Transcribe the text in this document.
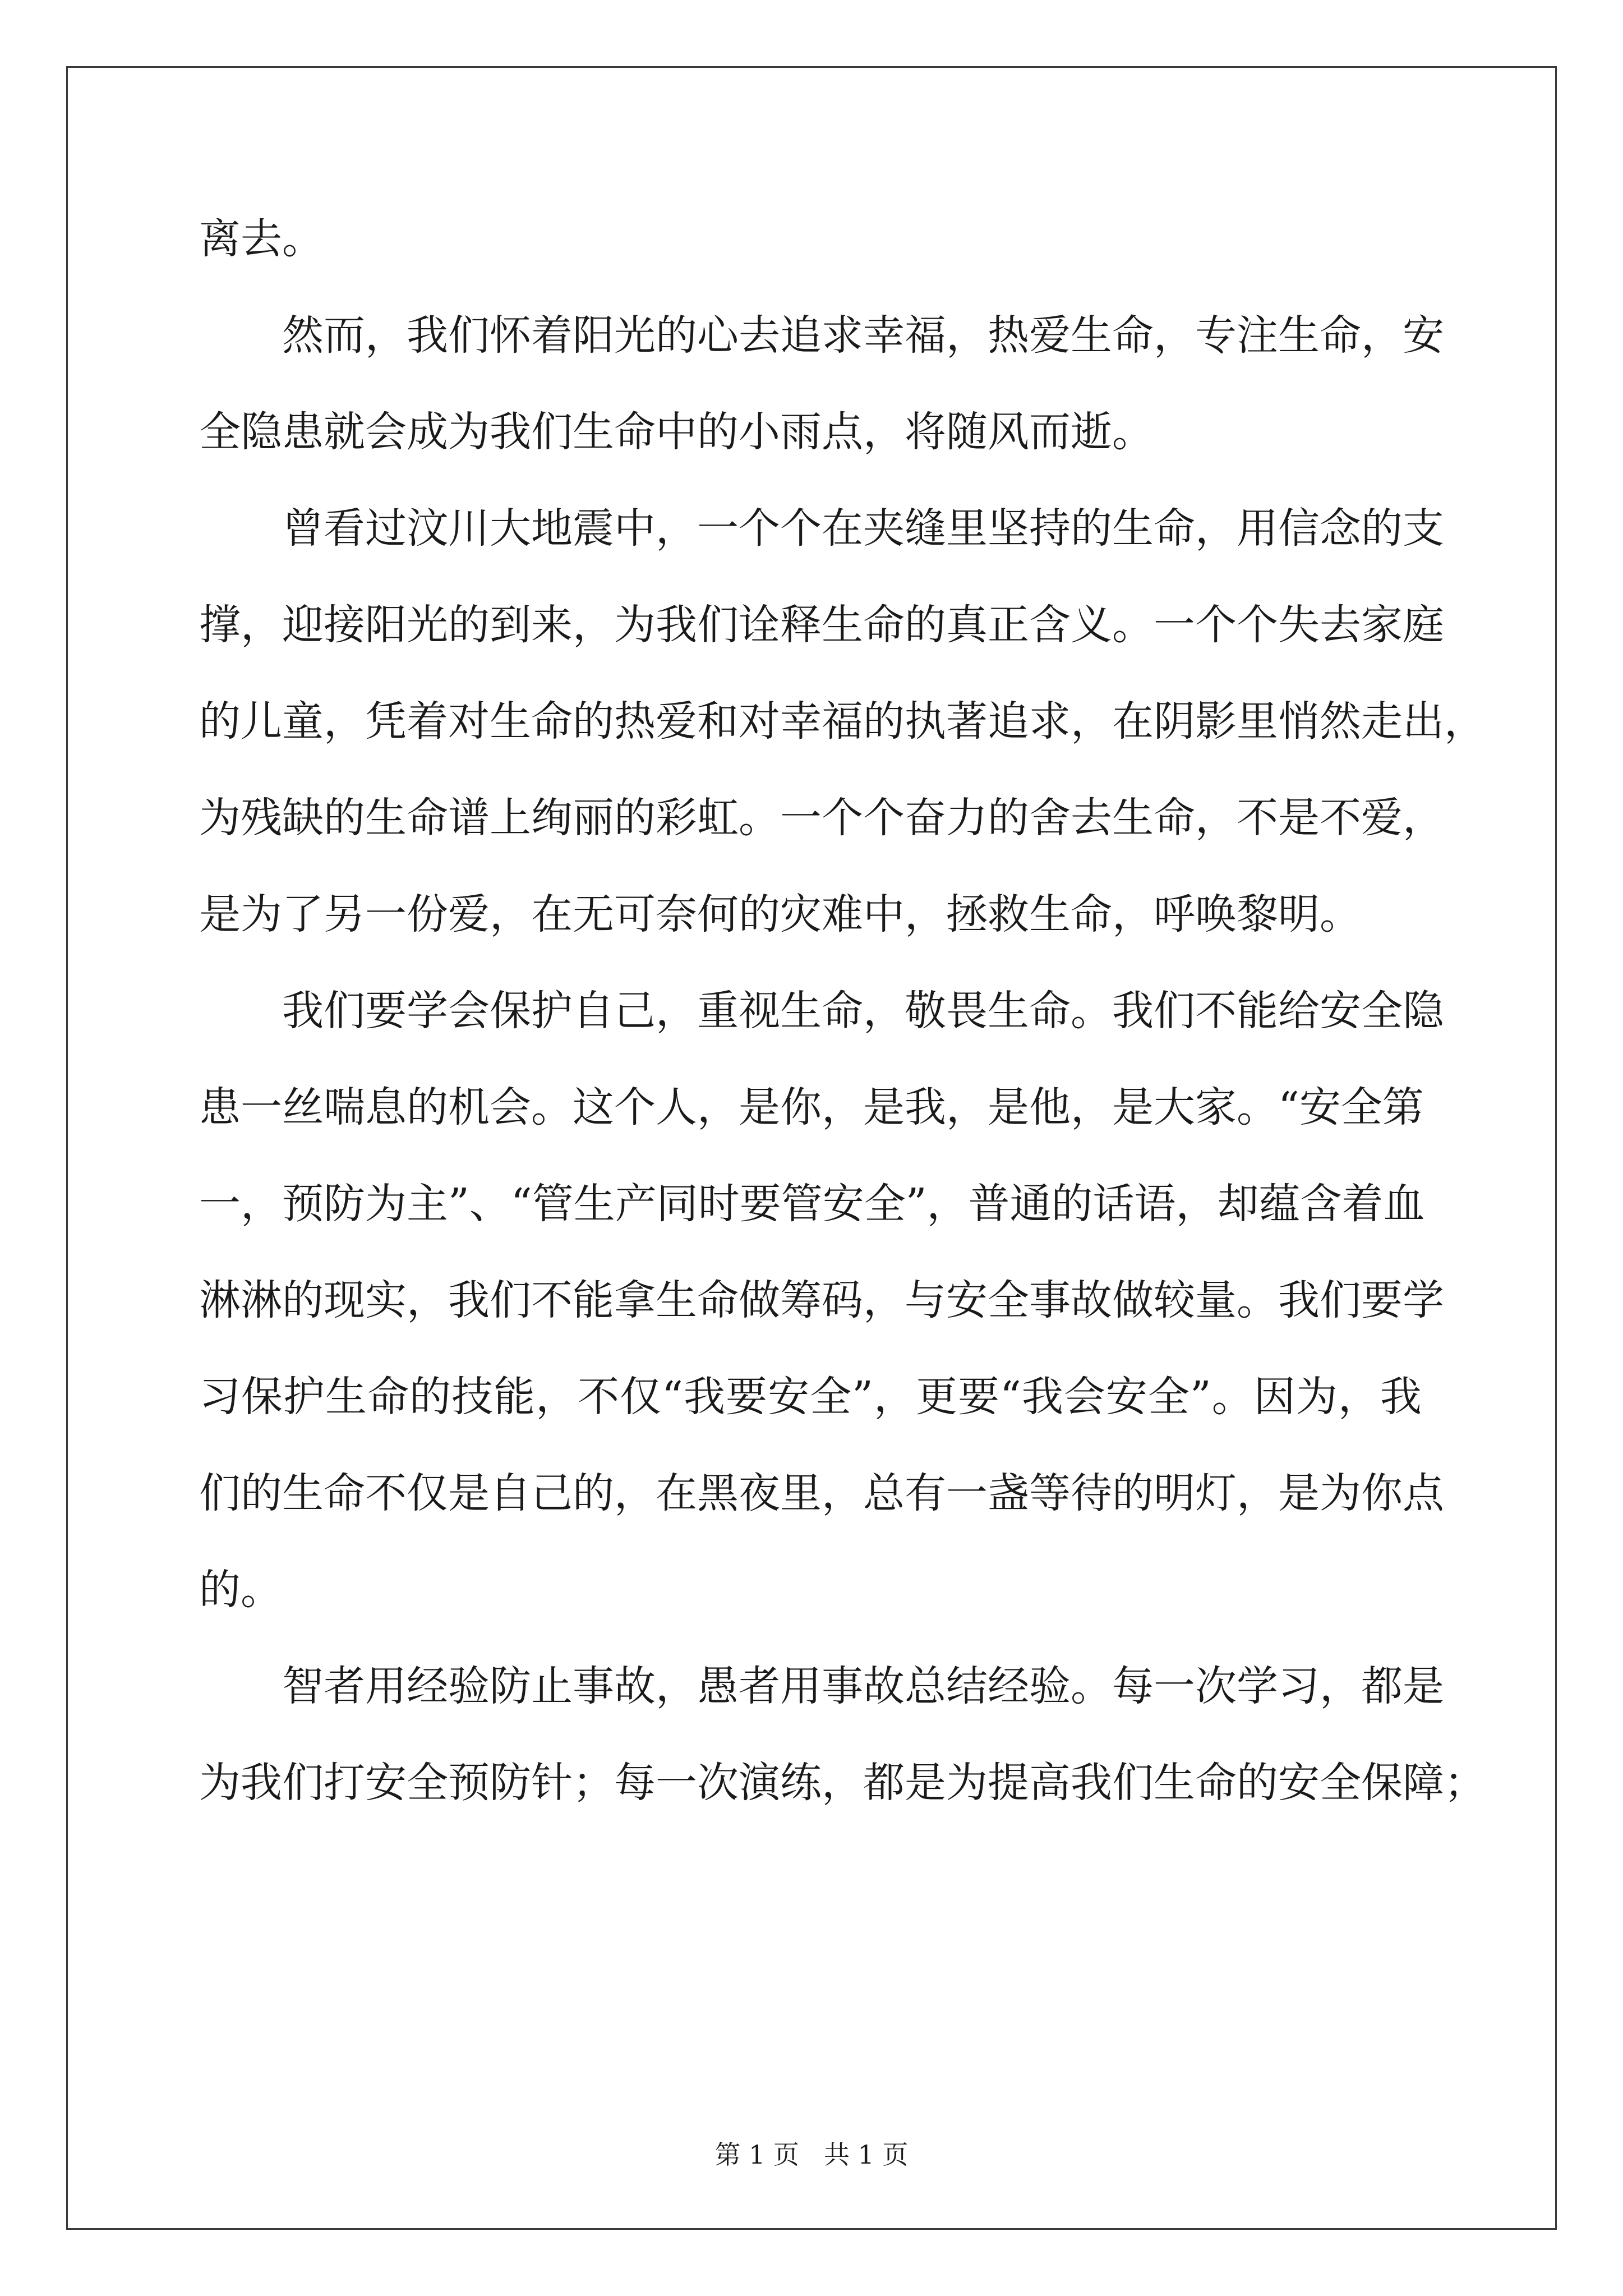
离去。
然 而 ， 我 们 怀 着 阳 光 的 心 去 追 求 幸 福 ， 热 爱 生 命 ， 专 注 生 命 ， 安
全隐患就会成为我们生命中的小雨点，将随风而逝。
曾 看 过 汶 川 大 地 震 中 ， 一 个 个 在 夹 缝 里 坚 持 的 生 命 ， 用 信 念 的 支
撑 ， 迎 接 阳 光 的 到 来 ， 为 我 们 诠 释 生 命 的 真 正 含 义 。 一 个 个 失 去 家 庭
的 儿 童 ， 凭 着 对 生 命 的 热 爱 和 对 幸 福 的 执 著 追 求 ， 在 阴 影 里 悄 然 走 出 ，
为 残 缺 的 生 命 谱 上 绚 丽 的 彩 虹 。 一 个 个 奋 力 的 舍 去 生 命 ， 不 是 不 爱 ，
是为了另一份爱，在无可奈何的灾难中，拯救生命，呼唤黎明。
我 们 要 学 会 保 护 自 己 ， 重 视 生 命 ， 敬 畏 生 命 。 我 们 不 能 给 安 全 隐
患 一 丝 喘 息 的 机 会 。 这 个 人 ， 是 你 ， 是 我 ， 是 他 ， 是 大 家 。 “ 安 全 第
一 ， 预 防 为 主 ” 、 “ 管 生 产 同 时 要 管 安 全 ” ， 普 通 的 话 语 ， 却 蕴 含 着 血
淋 淋 的 现 实 ， 我 们 不 能 拿 生 命 做 筹 码 ， 与 安 全 事 故 做 较 量 。 我 们 要 学
习 保 护 生 命 的 技 能 ， 不 仅 “ 我 要 安 全 ” ， 更 要 “ 我 会 安 全 ” 。 因 为 ， 我
们 的 生 命 不 仅 是 自 己 的 ， 在 黑 夜 里 ， 总 有 一 盏 等 待 的 明 灯 ， 是 为 你 点
的。
智 者 用 经 验 防 止 事 故 ， 愚 者 用 事 故 总 结 经 验 。 每 一 次 学 习 ， 都 是
为 我 们 打 安 全 预 防 针 ； 每 一 次 演 练 ， 都 是 为 提 高 我 们 生 命 的 安 全 保 障 ；
第 1 页 共 1 页
